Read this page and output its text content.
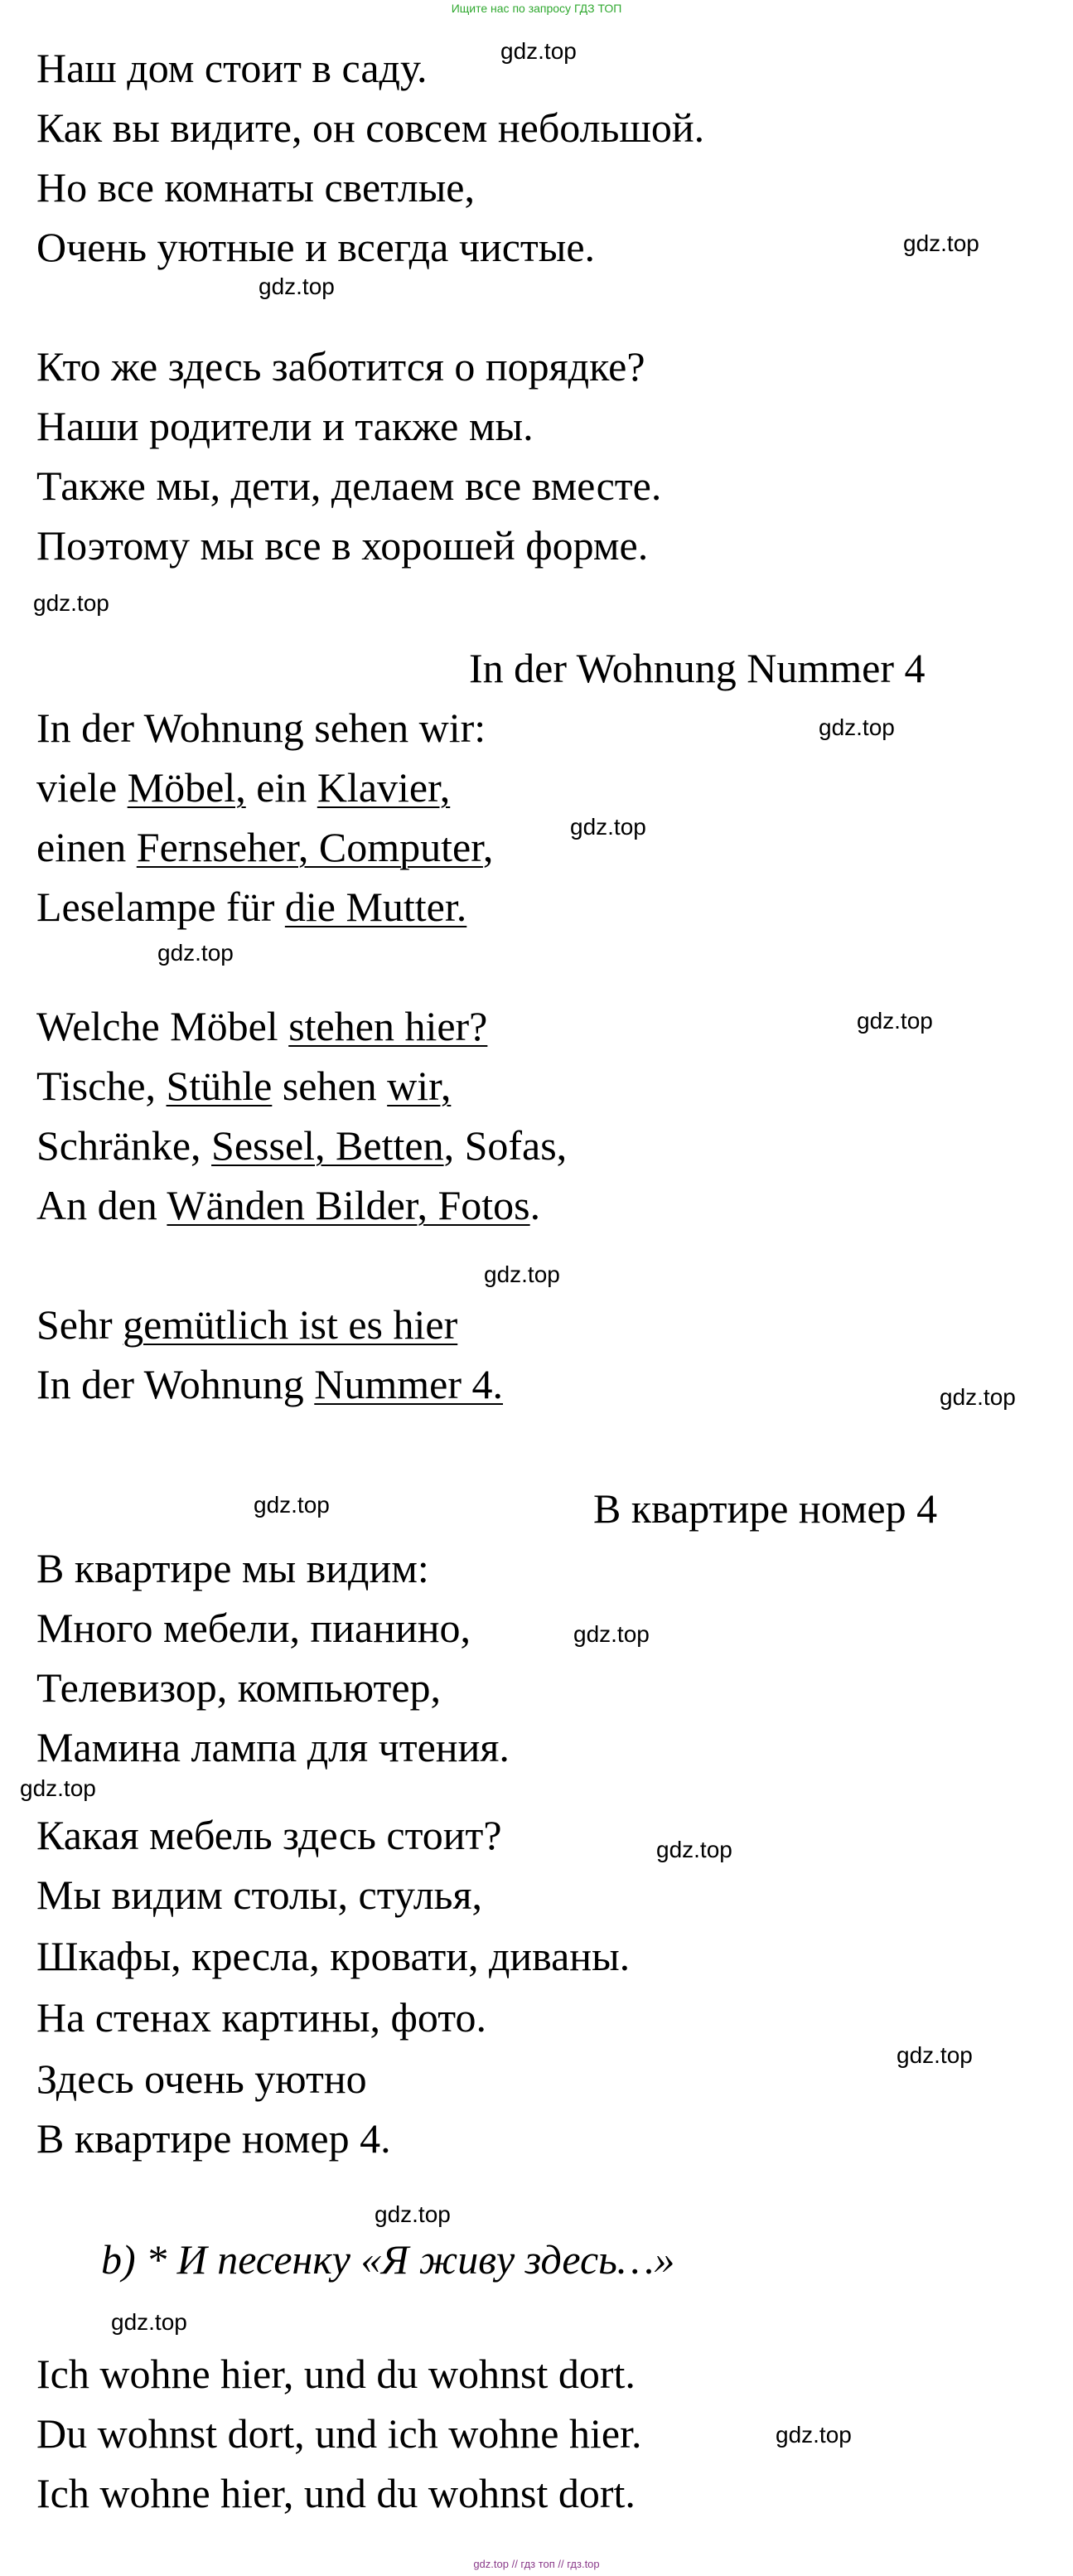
Ищите нас по запросу ГДЗ ТОП
Наш дом стоит в саду.
Как вы видите, он совсем небольшой.
Но все комнаты светлые,
Очень уютные и всегда чистые.
Кто же здесь заботится о порядке?
Наши родители и также мы.
Также мы, дети, делаем все вместе.
Поэтому мы все в хорошей форме.
In der Wohnung Nummer 4
In der Wohnung sehen wir:
viele Möbel, ein Klavier,
einen Fernseher, Computer,
Leselampe für die Mutter.
Welche Möbel stehen hier?
Tische, Stühle sehen wir,
Schränke, Sessel, Betten, Sofas,
An den Wänden Bilder, Fotos.
Sehr gemütlich ist es hier
In der Wohnung Nummer 4.
В квартире номер 4
В квартире мы видим:
Много мебели, пианино,
Телевизор, компьютер,
Мамина лампа для чтения.
Какая мебель здесь стоит?
Мы видим столы, стулья,
Шкафы, кресла, кровати, диваны.
На стенах картины, фото.
Здесь очень уютно
В квартире номер 4.
b) * И песенку «Я живу здесь…»
Ich wohne hier, und du wohnst dort.
Du wohnst dort, und ich wohne hier.
Ich wohne hier, und du wohnst dort.
gdz.top
gdz.top
gdz.top
gdz.top
gdz.top
gdz.top
gdz.top
gdz.top
gdz.top
gdz.top
gdz.top
gdz.top
gdz.top
gdz.top
gdz.top
gdz.top
gdz.top
gdz.top
gdz.top // гдз топ // гдз.top
